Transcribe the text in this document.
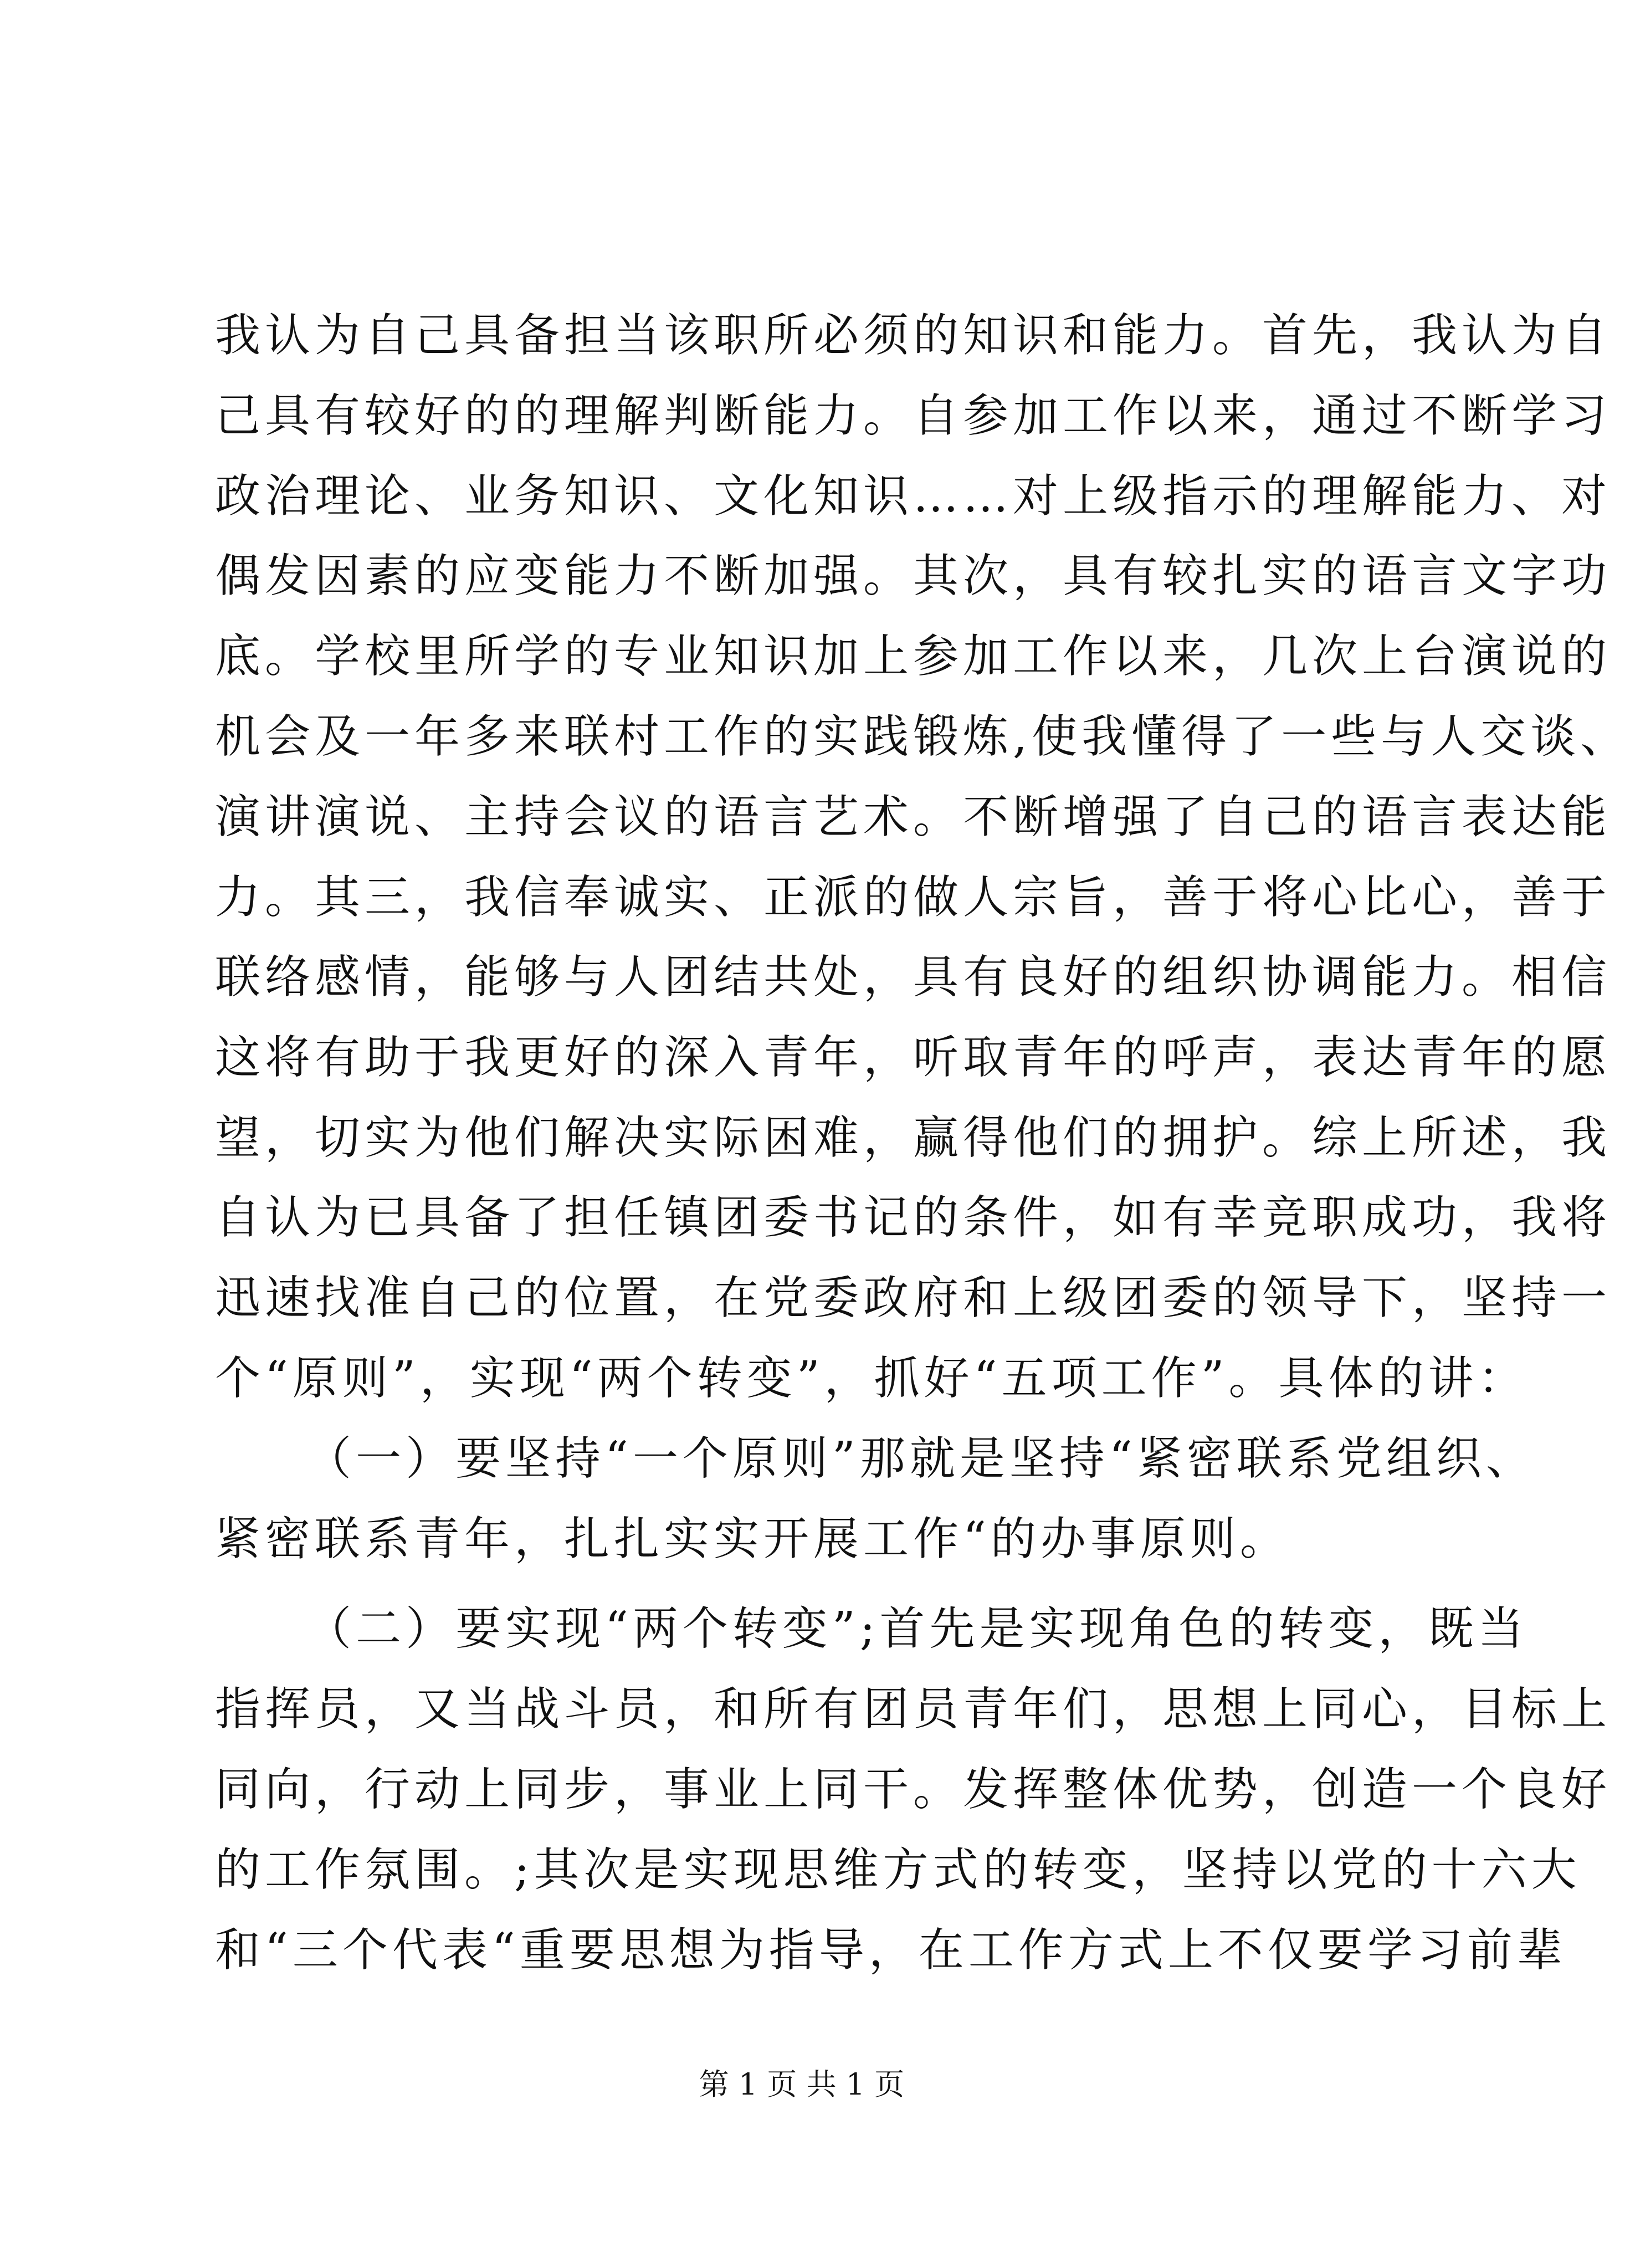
我认为自己具备担当该职所必须的知识和能力。首先，我认为自
己具有较好的的理解判断能力。自参加工作以来，通过不断学习
政治理论、业务知识、文化知识……对上级指示的理解能力、对
偶发因素的应变能力不断加强。其次，具有较扎实的语言文字功
底。学校里所学的专业知识加上参加工作以来，几次上台演说的
机会及一年多来联村工作的实践锻炼,使我懂得了一些与人交谈、
演讲演说、主持会议的语言艺术。不断增强了自己的语言表达能
力。其三，我信奉诚实、正派的做人宗旨，善于将心比心，善于
联络感情，能够与人团结共处，具有良好的组织协调能力。相信
这将有助于我更好的深入青年，听取青年的呼声，表达青年的愿
望，切实为他们解决实际困难，赢得他们的拥护。综上所述，我
自认为已具备了担任镇团委书记的条件，如有幸竞职成功，我将
迅速找准自己的位置，在党委政府和上级团委的领导下，坚持一
个“原则”，实现“两个转变”，抓好“五项工作”。具体的讲：
（一）要坚持“一个原则”那就是坚持“紧密联系党组织、
紧密联系青年，扎扎实实开展工作“的办事原则。
（二）要实现“两个转变”;首先是实现角色的转变，既当
指挥员，又当战斗员，和所有团员青年们，思想上同心，目标上
同向，行动上同步，事业上同干。发挥整体优势，创造一个良好
的工作氛围。;其次是实现思维方式的转变，坚持以党的十六大
和“三个代表“重要思想为指导，在工作方式上不仅要学习前辈
第 1 页 共 1 页
